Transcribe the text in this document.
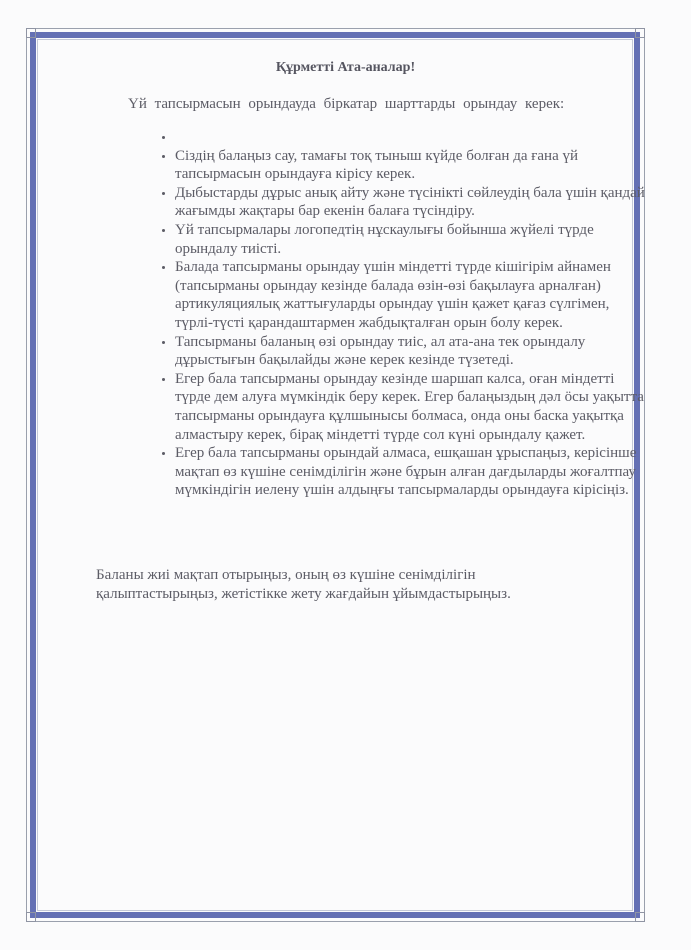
Құрметті Ата-аналар!
Үй тапсырмасын орындауда біркатар шарттарды орындау керек:
•
• Сіздің балаңыз сау, тамағы тоқ тыныш күйде болған да ғана үй тапсырмасын орындауға кірісу керек.
• Дыбыстарды дұрыс анық айту және түсінікті сөйлеудің бала үшін қандай жағымды жақтары бар екенін балаға түсіндіру.
• Үй тапсырмалары логопедтің нұскаулығы бойынша жүйелі түрде орындалу тиісті.
• Балада тапсырманы орындау үшін міндетті түрде кішігірім айнамен (тапсырманы орындау кезінде балада өзін-өзі бақылауға арналған) артикуляциялық жаттығуларды орындау үшін қажет қағаз сүлгімен, түрлі-түсті қарандаштармен жабдықталған орын болу керек.
• Тапсырманы баланың өзі орындау тиіс, ал ата-ана тек орындалу дұрыстығын бақылайды және керек кезінде түзетеді.
• Егер бала тапсырманы орындау кезінде шаршап калса, оған міндетті түрде дем алуға мүмкіндік беру керек. Егер балаңыздың дәл ӧсы уақытта тапсырманы орындауға құлшынысы болмаса, онда оны баска уақытқа алмастыру керек, бірақ міндетті түрде сол күні орындалу қажет.
• Егер бала тапсырманы орындай алмаса, ешқашан ұрыспаңыз, керісінше мақтап өз күшіне сенімділігін және бұрын алған дағдыларды жоғалтпау мүмкіндігін иелену үшін алдыңғы тапсырмаларды орындауға кірісіңіз.
Баланы жиі мақтап отырыңыз, оның өз күшіне сенімділігін қалыптастырыңыз, жетістікке жету жағдайын ұйымдастырыңыз.
